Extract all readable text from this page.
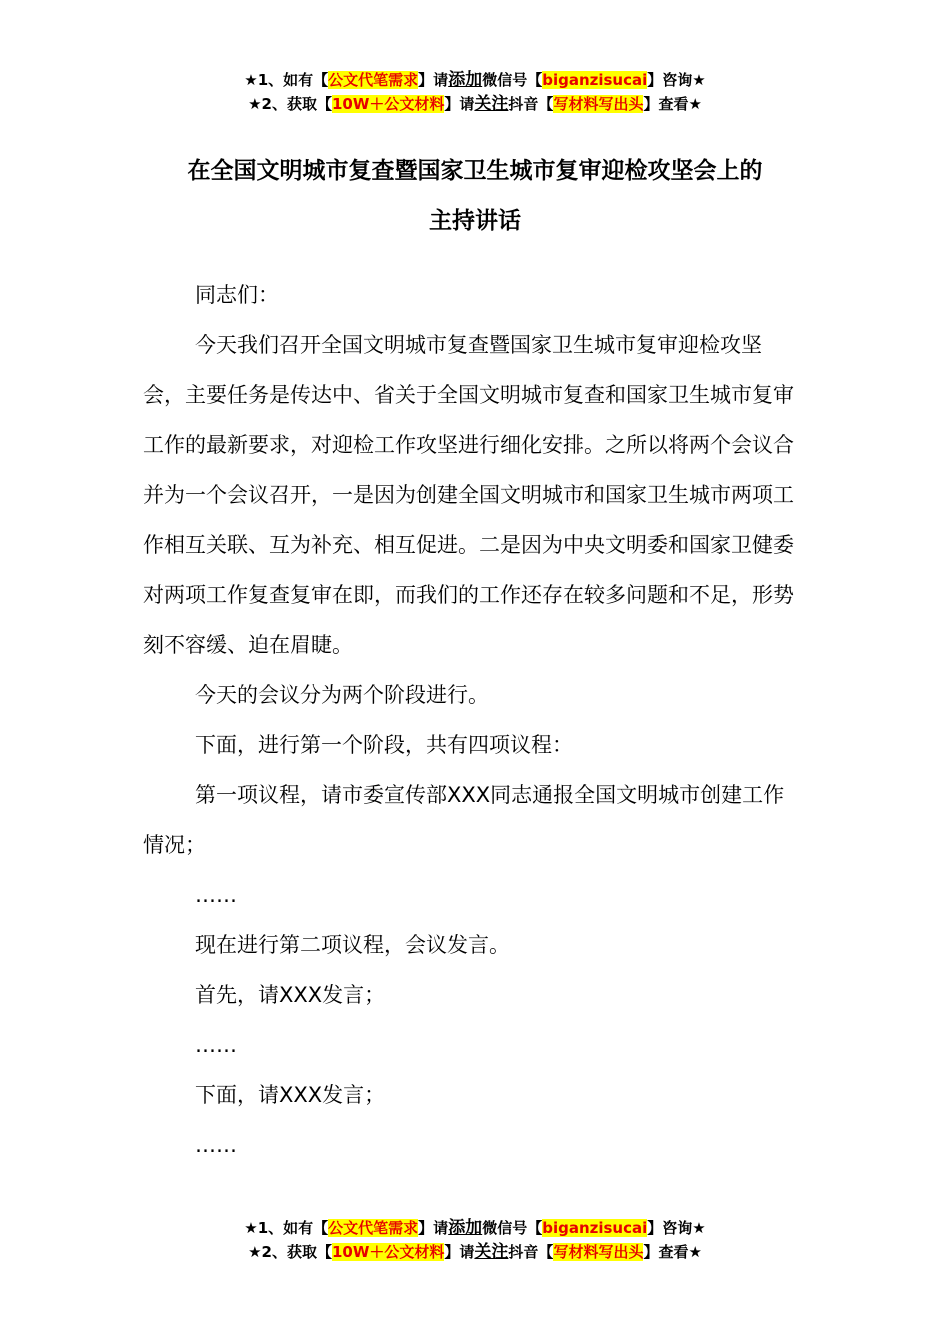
★1、如有【公文代笔需求】请添加微信号【biganzisucai】咨询★
★2、获取【10W＋公文材料】请关注抖音【写材料写出头】查看★
在全国文明城市复查暨国家卫生城市复审迎检攻坚会上的
主持讲话

同志们：

今天我们召开全国文明城市复查暨国家卫生城市复审迎检攻坚会，主要任务是传达中、省关于全国文明城市复查和国家卫生城市复审工作的最新要求，对迎检工作攻坚进行细化安排。之所以将两个会议合并为一个会议召开，一是因为创建全国文明城市和国家卫生城市两项工作相互关联、互为补充、相互促进。二是因为中央文明委和国家卫健委对两项工作复查复审在即，而我们的工作还存在较多问题和不足，形势刻不容缓、迫在眉睫。

今天的会议分为两个阶段进行。

下面，进行第一个阶段，共有四项议程：

第一项议程，请市委宣传部XXX同志通报全国文明城市创建工作情况；

……

现在进行第二项议程，会议发言。

首先，请XXX发言；

……

下面，请XXX发言；

……

★1、如有【公文代笔需求】请添加微信号【biganzisucai】咨询★
★2、获取【10W＋公文材料】请关注抖音【写材料写出头】查看★
